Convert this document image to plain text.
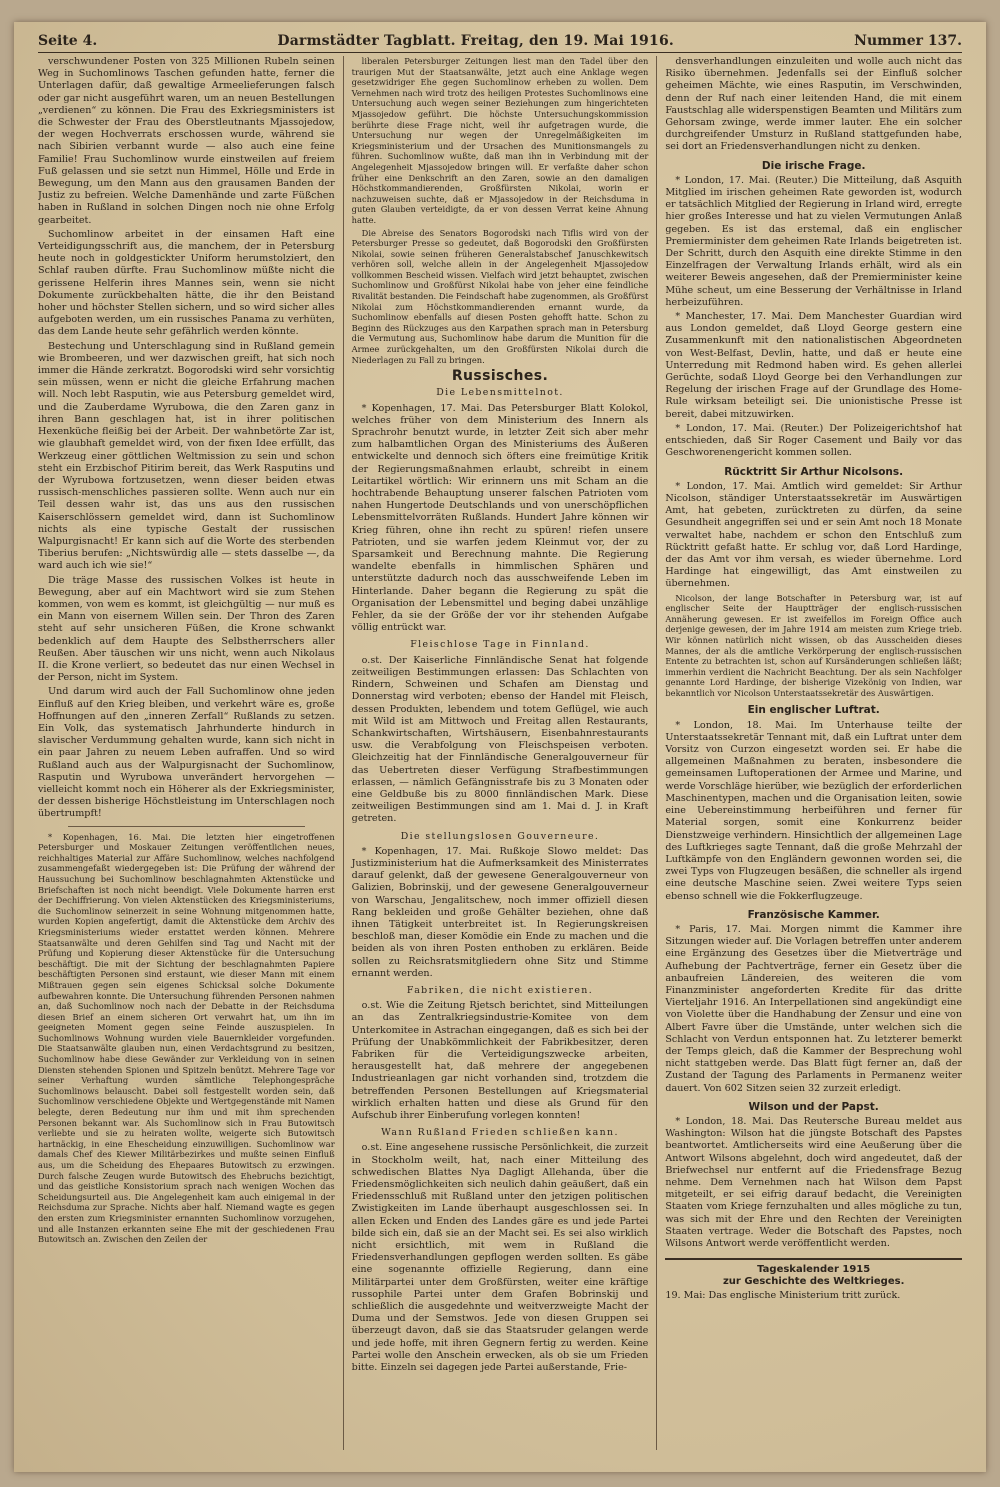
Seite 4.	Darmstädter Tagblatt. Freitag, den 19. Mai 1916.	Nummer 137.

verschwundener Posten von 325 Millionen Rubeln seinen Weg in Suchomlinows Taschen gefunden hatte, ferner die Unterlagen dafür, daß gewaltige Armeelieferungen falsch oder gar nicht ausgeführt waren, um an neuen Bestellungen „verdienen“ zu können. Die Frau des Exkriegsministers ist die Schwester der Frau des Oberstleutnants Mjassojedow, der wegen Hochverrats erschossen wurde, während sie nach Sibirien verbannt wurde — also auch eine feine Familie! Frau Suchomlinow wurde einstweilen auf freiem Fuß gelassen und sie setzt nun Himmel, Hölle und Erde in Bewegung, um den Mann aus den grausamen Banden der Justiz zu befreien. Welche Damenhände und zarte Füßchen haben in Rußland in solchen Dingen noch nie ohne Erfolg gearbeitet.

Suchomlinow arbeitet in der einsamen Haft eine Verteidigungsschrift aus, die manchem, der in Petersburg heute noch in goldgestickter Uniform herumstolziert, den Schlaf rauben dürfte. Frau Suchomlinow müßte nicht die gerissene Helferin ihres Mannes sein, wenn sie nicht Dokumente zurückbehalten hätte, die ihr den Beistand hoher und höchster Stellen sichern, und so wird sicher alles aufgeboten werden, um ein russisches Panama zu verhüten, das dem Lande heute sehr gefährlich werden könnte.

Bestechung und Unterschlagung sind in Rußland gemein wie Brombeeren, und wer dazwischen greift, hat sich noch immer die Hände zerkratzt. Bogorodski wird sehr vorsichtig sein müssen, wenn er nicht die gleiche Erfahrung machen will. Noch lebt Rasputin, wie aus Petersburg gemeldet wird, und die Zauberdame Wyrubowa, die den Zaren ganz in ihren Bann geschlagen hat, ist in ihrer politischen Hexenküche fleißig bei der Arbeit. Der wahnbetörte Zar ist, wie glaubhaft gemeldet wird, von der fixen Idee erfüllt, das Werkzeug einer göttlichen Weltmission zu sein und schon steht ein Erzbischof Pitirim bereit, das Werk Rasputins und der Wyrubowa fortzusetzen, wenn dieser beiden etwas russisch-menschliches passieren sollte. Wenn auch nur ein Teil dessen wahr ist, das uns aus den russischen Kaiserschlössern gemeldet wird, dann ist Suchomlinow nichts als eine typische Gestalt der russischen Walpurgisnacht! Er kann sich auf die Worte des sterbenden Tiberius berufen: „Nichtswürdig alle — stets dasselbe —, da ward auch ich wie sie!“

Die träge Masse des russischen Volkes ist heute in Bewegung, aber auf ein Machtwort wird sie zum Stehen kommen, von wem es kommt, ist gleichgültig — nur muß es ein Mann von eisernem Willen sein. Der Thron des Zaren steht auf sehr unsicheren Füßen, die Krone schwankt bedenklich auf dem Haupte des Selbstherrschers aller Reußen. Aber täuschen wir uns nicht, wenn auch Nikolaus II. die Krone verliert, so bedeutet das nur einen Wechsel in der Person, nicht im System.

Und darum wird auch der Fall Suchomlinow ohne jeden Einfluß auf den Krieg bleiben, und verkehrt wäre es, große Hoffnungen auf den „inneren Zerfall“ Rußlands zu setzen. Ein Volk, das systematisch Jahrhunderte hindurch in slavischer Verdummung gehalten wurde, kann sich nicht in ein paar Jahren zu neuem Leben aufraffen. Und so wird Rußland auch aus der Walpurgisnacht der Suchomlinow, Rasputin und Wyrubowa unverändert hervorgehen — vielleicht kommt noch ein Höherer als der Exkriegsminister, der dessen bisherige Höchstleistung im Unterschlagen noch übertrumpft!

* Kopenhagen, 16. Mai. Die letzten hier eingetroffenen Petersburger und Moskauer Zeitungen veröffentlichen neues, reichhaltiges Material zur Affäre Suchomlinow, welches nachfolgend zusammengefaßt wiedergegeben ist: Die Prüfung der während der Haussuchung bei Suchomlinow beschlagnahmten Aktenstücke und Briefschaften ist noch nicht beendigt. Viele Dokumente harren erst der Dechiffrierung. Von vielen Aktenstücken des Kriegsministeriums, die Suchomlinow seinerzeit in seine Wohnung mitgenommen hatte, wurden Kopien angefertigt, damit die Aktenstücke dem Archiv des Kriegsministeriums wieder erstattet werden können. Mehrere Staatsanwälte und deren Gehilfen sind Tag und Nacht mit der Prüfung und Kopierung dieser Aktenstücke für die Untersuchung beschäftigt. Die mit der Sichtung der beschlagnahmten Papiere beschäftigten Personen sind erstaunt, wie dieser Mann mit einem Mißtrauen gegen sein eigenes Schicksal solche Dokumente aufbewahren konnte. Die Untersuchung führenden Personen nahmen an, daß Suchomlinow noch nach der Debatte in der Reichsduma diesen Brief an einem sicheren Ort verwahrt hat, um ihn im geeigneten Moment gegen seine Feinde auszuspielen. In Suchomlinows Wohnung wurden viele Bauernkleider vorgefunden. Die Staatsanwälte glauben nun, einen Verdachtsgrund zu besitzen, Suchomlinow habe diese Gewänder zur Verkleidung von in seinen Diensten stehenden Spionen und Spitzeln benützt. Mehrere Tage vor seiner Verhaftung wurden sämtliche Telephongespräche Suchomlinows belauscht. Dabei soll festgestellt worden sein, daß Suchomlinow verschiedene Objekte und Wertgegenstände mit Namen belegte, deren Bedeutung nur ihm und mit ihm sprechenden Personen bekannt war. Als Suchomlinow sich in Frau Butowitsch verliebte und sie zu heiraten wollte, weigerte sich Butowitsch hartnäckig, in eine Ehescheidung einzuwilligen. Suchomlinow war damals Chef des Kiewer Militärbezirkes und mußte seinen Einfluß aus, um die Scheidung des Ehepaares Butowitsch zu erzwingen. Durch falsche Zeugen wurde Butowitsch des Ehebruchs bezichtigt, und das geistliche Konsistorium sprach nach wenigen Wochen das Scheidungsurteil aus. Die Angelegenheit kam auch einigemal in der Reichsduma zur Sprache. Nichts aber half. Niemand wagte es gegen den ersten zum Kriegsminister ernannten Suchomlinow vorzugehen, und alle Instanzen erkannten seine Ehe mit der geschiedenen Frau Butowitsch an. Zwischen den Zeilen der

liberalen Petersburger Zeitungen liest man den Tadel über den traurigen Mut der Staatsanwälte, jetzt auch eine Anklage wegen gesetzwidriger Ehe gegen Suchomlinow erheben zu wollen. Dem Vernehmen nach wird trotz des heiligen Protestes Suchomlinows eine Untersuchung auch wegen seiner Beziehungen zum hingerichteten Mjassojedow geführt. Die höchste Untersuchungskommission berührte diese Frage nicht, weil ihr aufgetragen wurde, die Untersuchung nur wegen der Unregelmäßigkeiten im Kriegsministerium und der Ursachen des Munitionsmangels zu führen. Suchomlinow wußte, daß man ihn in Verbindung mit der Angelegenheit Mjassojedow bringen will. Er verfaßte daher schon früher eine Denkschrift an den Zaren, sowie an den damaligen Höchstkommandierenden, Großfürsten Nikolai, worin er nachzuweisen suchte, daß er Mjassojedow in der Reichsduma in guten Glauben verteidigte, da er von dessen Verrat keine Ahnung hatte.

Die Abreise des Senators Bogorodski nach Tiflis wird von der Petersburger Presse so gedeutet, daß Bogorodski den Großfürsten Nikolai, sowie seinen früheren Generalstabschef Januschkewitsch verhören soll, welche allein in der Angelegenheit Mjassojedow vollkommen Bescheid wissen. Vielfach wird jetzt behauptet, zwischen Suchomlinow und Großfürst Nikolai habe von jeher eine feindliche Rivalität bestanden. Die Feindschaft habe zugenommen, als Großfürst Nikolai zum Höchstkommandierenden ernannt wurde, da Suchomlinow ebenfalls auf diesen Posten gehofft hatte. Schon zu Beginn des Rückzuges aus den Karpathen sprach man in Petersburg die Vermutung aus, Suchomlinow habe darum die Munition für die Armee zurückgehalten, um den Großfürsten Nikolai durch die Niederlagen zu Fall zu bringen.

Russisches.
Die Lebensmittelnot.

* Kopenhagen, 17. Mai. Das Petersburger Blatt Kolokol, welches früher von dem Ministerium des Innern als Sprachrohr benutzt wurde, in letzter Zeit sich aber mehr zum halbamtlichen Organ des Ministeriums des Äußeren entwickelte und dennoch sich öfters eine freimütige Kritik der Regierungsmaßnahmen erlaubt, schreibt in einem Leitartikel wörtlich: Wir erinnern uns mit Scham an die hochtrabende Behauptung unserer falschen Patrioten vom nahen Hungertode Deutschlands und von unerschöpflichen Lebensmittelvorräten Rußlands. Hundert Jahre können wir Krieg führen, ohne ihn recht zu spüren! riefen unsere Patrioten, und sie warfen jedem Kleinmut vor, der zu Sparsamkeit und Berechnung mahnte. Die Regierung wandelte ebenfalls in himmlischen Sphären und unterstützte dadurch noch das ausschweifende Leben im Hinterlande. Daher begann die Regierung zu spät die Organisation der Lebensmittel und beging dabei unzählige Fehler, da sie der Größe der vor ihr stehenden Aufgabe völlig entrückt war.

Fleischlose Tage in Finnland.

o.st. Der Kaiserliche Finnländische Senat hat folgende zeitweiligen Bestimmungen erlassen: Das Schlachten von Rindern, Schweinen und Schafen am Dienstag und Donnerstag wird verboten; ebenso der Handel mit Fleisch, dessen Produkten, lebendem und totem Geflügel, wie auch mit Wild ist am Mittwoch und Freitag allen Restaurants, Schankwirtschaften, Wirtshäusern, Eisenbahnrestaurants usw. die Verabfolgung von Fleischspeisen verboten. Gleichzeitig hat der Finnländische Generalgouverneur für das Uebertreten dieser Verfügung Strafbestimmungen erlassen, — nämlich Gefängnisstrafe bis zu 3 Monaten oder eine Geldbuße bis zu 8000 finnländischen Mark. Diese zeitweiligen Bestimmungen sind am 1. Mai d. J. in Kraft getreten.

Die stellungslosen Gouverneure.

* Kopenhagen, 17. Mai. Rußkoje Slowo meldet: Das Justizministerium hat die Aufmerksamkeit des Ministerrates darauf gelenkt, daß der gewesene Generalgouverneur von Galizien, Bobrinskij, und der gewesene Generalgouverneur von Warschau, Jengalitschew, noch immer offiziell diesen Rang bekleiden und große Gehälter beziehen, ohne daß ihnen Tätigkeit unterbreitet ist. In Regierungskreisen beschloß man, dieser Komödie ein Ende zu machen und die beiden als von ihren Posten enthoben zu erklären. Beide sollen zu Reichsratsmitgliedern ohne Sitz und Stimme ernannt werden.

Fabriken, die nicht existieren.

o.st. Wie die Zeitung Rjetsch berichtet, sind Mitteilungen an das Zentralkriegsindustrie-Komitee von dem Unterkomitee in Astrachan eingegangen, daß es sich bei der Prüfung der Unabkömmlichkeit der Fabrikbesitzer, deren Fabriken für die Verteidigungszwecke arbeiten, herausgestellt hat, daß mehrere der angegebenen Industrieanlagen gar nicht vorhanden sind, trotzdem die betreffenden Personen Bestellungen auf Kriegsmaterial wirklich erhalten hatten und diese als Grund für den Aufschub ihrer Einberufung vorlegen konnten!

Wann Rußland Frieden schließen kann.

o.st. Eine angesehene russische Persönlichkeit, die zurzeit in Stockholm weilt, hat, nach einer Mitteilung des schwedischen Blattes Nya Dagligt Allehanda, über die Friedensmöglichkeiten sich neulich dahin geäußert, daß ein Friedensschluß mit Rußland unter den jetzigen politischen Zwistigkeiten im Lande überhaupt ausgeschlossen sei. In allen Ecken und Enden des Landes gäre es und jede Partei bilde sich ein, daß sie an der Macht sei. Es sei also wirklich nicht ersichtlich, mit wem in Rußland die Friedensverhandlungen gepflogen werden sollten. Es gäbe eine sogenannte offizielle Regierung, dann eine Militärpartei unter dem Großfürsten, weiter eine kräftige russophile Partei unter dem Grafen Bobrinskij und schließlich die ausgedehnte und weitverzweigte Macht der Duma und der Semstwos. Jede von diesen Gruppen sei überzeugt davon, daß sie das Staatsruder gelangen werde und jede hoffe, mit ihren Gegnern fertig zu werden. Keine Partei wolle den Anschein erwecken, als ob sie um Frieden bitte. Einzeln sei dagegen jede Partei außerstande, Frie-

densverhandlungen einzuleiten und wolle auch nicht das Risiko übernehmen. Jedenfalls sei der Einfluß solcher geheimen Mächte, wie eines Rasputin, im Verschwinden, denn der Ruf nach einer leitenden Hand, die mit einem Faustschlag alle widerspenstigen Beamten und Militärs zum Gehorsam zwinge, werde immer lauter. Ehe ein solcher durchgreifender Umsturz in Rußland stattgefunden habe, sei dort an Friedensverhandlungen nicht zu denken.

Die irische Frage.

* London, 17. Mai. (Reuter.) Die Mitteilung, daß Asquith Mitglied im irischen geheimen Rate geworden ist, wodurch er tatsächlich Mitglied der Regierung in Irland wird, erregte hier großes Interesse und hat zu vielen Vermutungen Anlaß gegeben. Es ist das erstemal, daß ein englischer Premierminister dem geheimen Rate Irlands beigetreten ist. Der Schritt, durch den Asquith eine direkte Stimme in den Einzelfragen der Verwaltung Irlands erhält, wird als ein weiterer Beweis angesehen, daß der Premierminister keine Mühe scheut, um eine Besserung der Verhältnisse in Irland herbeizuführen.

* Manchester, 17. Mai. Dem Manchester Guardian wird aus London gemeldet, daß Lloyd George gestern eine Zusammenkunft mit den nationalistischen Abgeordneten von West-Belfast, Devlin, hatte, und daß er heute eine Unterredung mit Redmond haben wird. Es gehen allerlei Gerüchte, sodaß Lloyd George bei den Verhandlungen zur Regelung der irischen Frage auf der Grundlage des Home-Rule wirksam beteiligt sei. Die unionistische Presse ist bereit, dabei mitzuwirken.

* London, 17. Mai. (Reuter.) Der Polizeigerichtshof hat entschieden, daß Sir Roger Casement und Baily vor das Geschworenengericht kommen sollen.

Rücktritt Sir Arthur Nicolsons.

* London, 17. Mai. Amtlich wird gemeldet: Sir Arthur Nicolson, ständiger Unterstaatssekretär im Auswärtigen Amt, hat gebeten, zurücktreten zu dürfen, da seine Gesundheit angegriffen sei und er sein Amt noch 18 Monate verwaltet habe, nachdem er schon den Entschluß zum Rücktritt gefaßt hatte. Er schlug vor, daß Lord Hardinge, der das Amt vor ihm versah, es wieder übernehme. Lord Hardinge hat eingewilligt, das Amt einstweilen zu übernehmen.

Nicolson, der lange Botschafter in Petersburg war, ist auf englischer Seite der Hauptträger der englisch-russischen Annäherung gewesen. Er ist zweifellos im Foreign Office auch derjenige gewesen, der im Jahre 1914 am meisten zum Kriege trieb. Wir können natürlich nicht wissen, ob das Ausscheiden dieses Mannes, der als die amtliche Verkörperung der englisch-russischen Entente zu betrachten ist, schon auf Kursänderungen schließen läßt; immerhin verdient die Nachricht Beachtung. Der als sein Nachfolger genannte Lord Hardinge, der bisherige Vizekönig von Indien, war bekanntlich vor Nicolson Unterstaatssekretär des Auswärtigen.

Ein englischer Luftrat.

* London, 18. Mai. Im Unterhause teilte der Unterstaatssekretär Tennant mit, daß ein Luftrat unter dem Vorsitz von Curzon eingesetzt worden sei. Er habe die allgemeinen Maßnahmen zu beraten, insbesondere die gemeinsamen Luftoperationen der Armee und Marine, und werde Vorschläge hierüber, wie bezüglich der erforderlichen Maschinentypen, machen und die Organisation leiten, sowie eine Uebereinstimmung herbeiführen und ferner für Material sorgen, somit eine Konkurrenz beider Dienstzweige verhindern. Hinsichtlich der allgemeinen Lage des Luftkrieges sagte Tennant, daß die große Mehrzahl der Luftkämpfe von den Engländern gewonnen worden sei, die zwei Typs von Flugzeugen besäßen, die schneller als irgend eine deutsche Maschine seien. Zwei weitere Typs seien ebenso schnell wie die Fokkerflugzeuge.

Französische Kammer.

* Paris, 17. Mai. Morgen nimmt die Kammer ihre Sitzungen wieder auf. Die Vorlagen betreffen unter anderem eine Ergänzung des Gesetzes über die Mietverträge und Aufhebung der Pachtverträge, ferner ein Gesetz über die anbaufreien Ländereien, des weiteren die vom Finanzminister angeforderten Kredite für das dritte Vierteljahr 1916. An Interpellationen sind angekündigt eine von Violette über die Handhabung der Zensur und eine von Albert Favre über die Umstände, unter welchen sich die Schlacht von Verdun entsponnen hat. Zu letzterer bemerkt der Temps gleich, daß die Kammer der Besprechung wohl nicht stattgeben werde. Das Blatt fügt ferner an, daß der Zustand der Tagung des Parlaments in Permanenz weiter dauert. Von 602 Sitzen seien 32 zurzeit erledigt.

Wilson und der Papst.

* London, 18. Mai. Das Reutersche Bureau meldet aus Washington: Wilson hat die jüngste Botschaft des Papstes beantwortet. Amtlicherseits wird eine Aeußerung über die Antwort Wilsons abgelehnt, doch wird angedeutet, daß der Briefwechsel nur entfernt auf die Friedensfrage Bezug nehme. Dem Vernehmen nach hat Wilson dem Papst mitgeteilt, er sei eifrig darauf bedacht, die Vereinigten Staaten vom Kriege fernzuhalten und alles mögliche zu tun, was sich mit der Ehre und den Rechten der Vereinigten Staaten vertrage. Weder die Botschaft des Papstes, noch Wilsons Antwort werde veröffentlicht werden.

Tageskalender 1915
zur Geschichte des Weltkrieges.
19. Mai: Das englische Ministerium tritt zurück.
